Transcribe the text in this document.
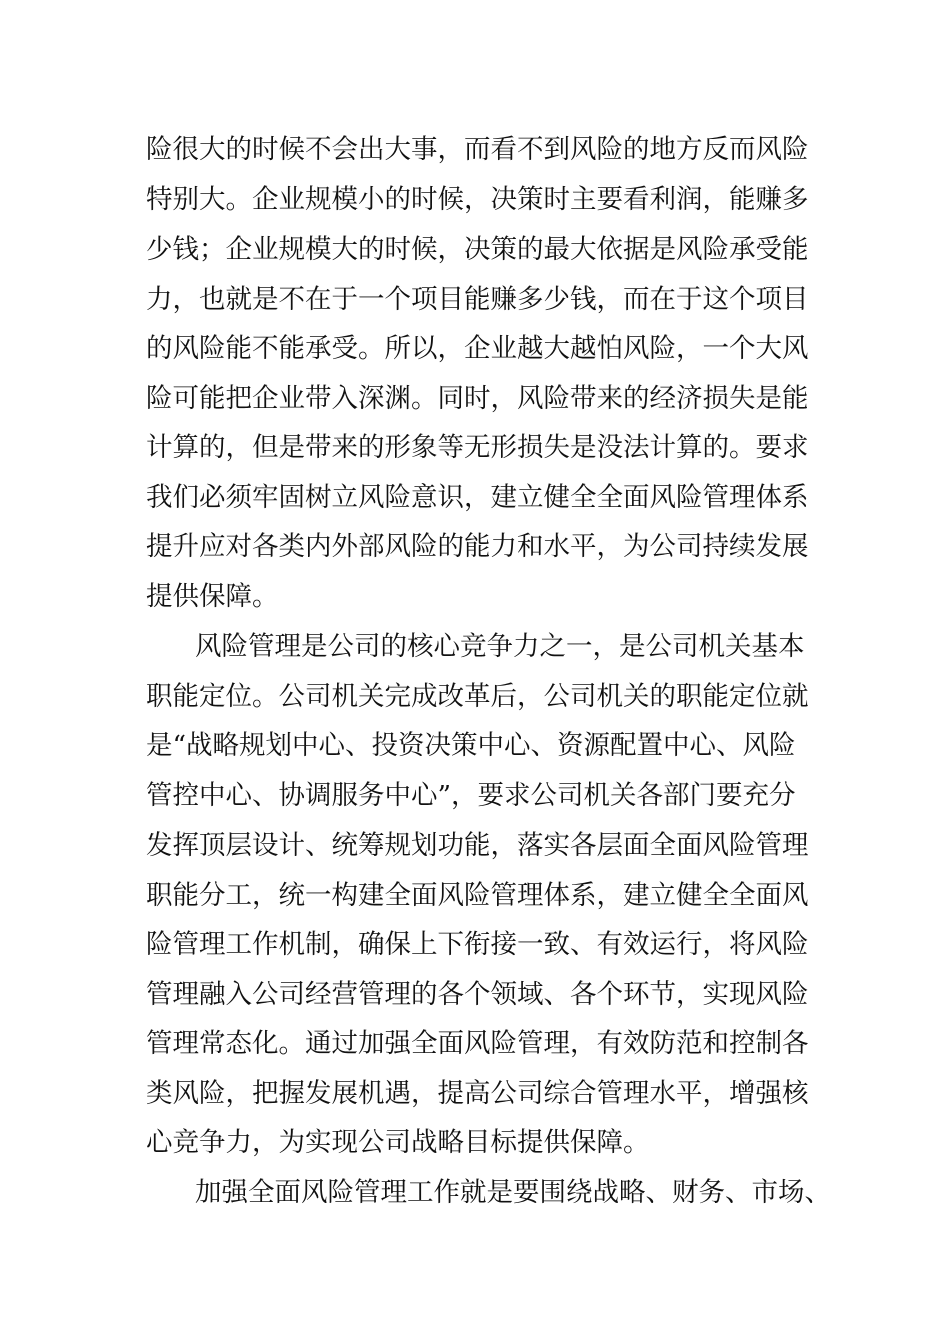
险很大的时候不会出大事，而看不到风险的地方反而风险
特别大。企业规模小的时候，决策时主要看利润，能赚多
少钱；企业规模大的时候，决策的最大依据是风险承受能
力，也就是不在于一个项目能赚多少钱，而在于这个项目
的风险能不能承受。所以，企业越大越怕风险，一个大风
险可能把企业带入深渊。同时，风险带来的经济损失是能
计算的，但是带来的形象等无形损失是没法计算的。要求
我们必须牢固树立风险意识，建立健全全面风险管理体系
提升应对各类内外部风险的能力和水平，为公司持续发展
提供保障。
风险管理是公司的核心竞争力之一，是公司机关基本
职能定位。公司机关完成改革后，公司机关的职能定位就
是“战略规划中心、投资决策中心、资源配置中心、风险
管控中心、协调服务中心”，要求公司机关各部门要充分
发挥顶层设计、统筹规划功能，落实各层面全面风险管理
职能分工，统一构建全面风险管理体系，建立健全全面风
险管理工作机制，确保上下衔接一致、有效运行，将风险
管理融入公司经营管理的各个领域、各个环节，实现风险
管理常态化。通过加强全面风险管理，有效防范和控制各
类风险，把握发展机遇，提高公司综合管理水平，增强核
心竞争力，为实现公司战略目标提供保障。
加强全面风险管理工作就是要围绕战略、财务、市场、
